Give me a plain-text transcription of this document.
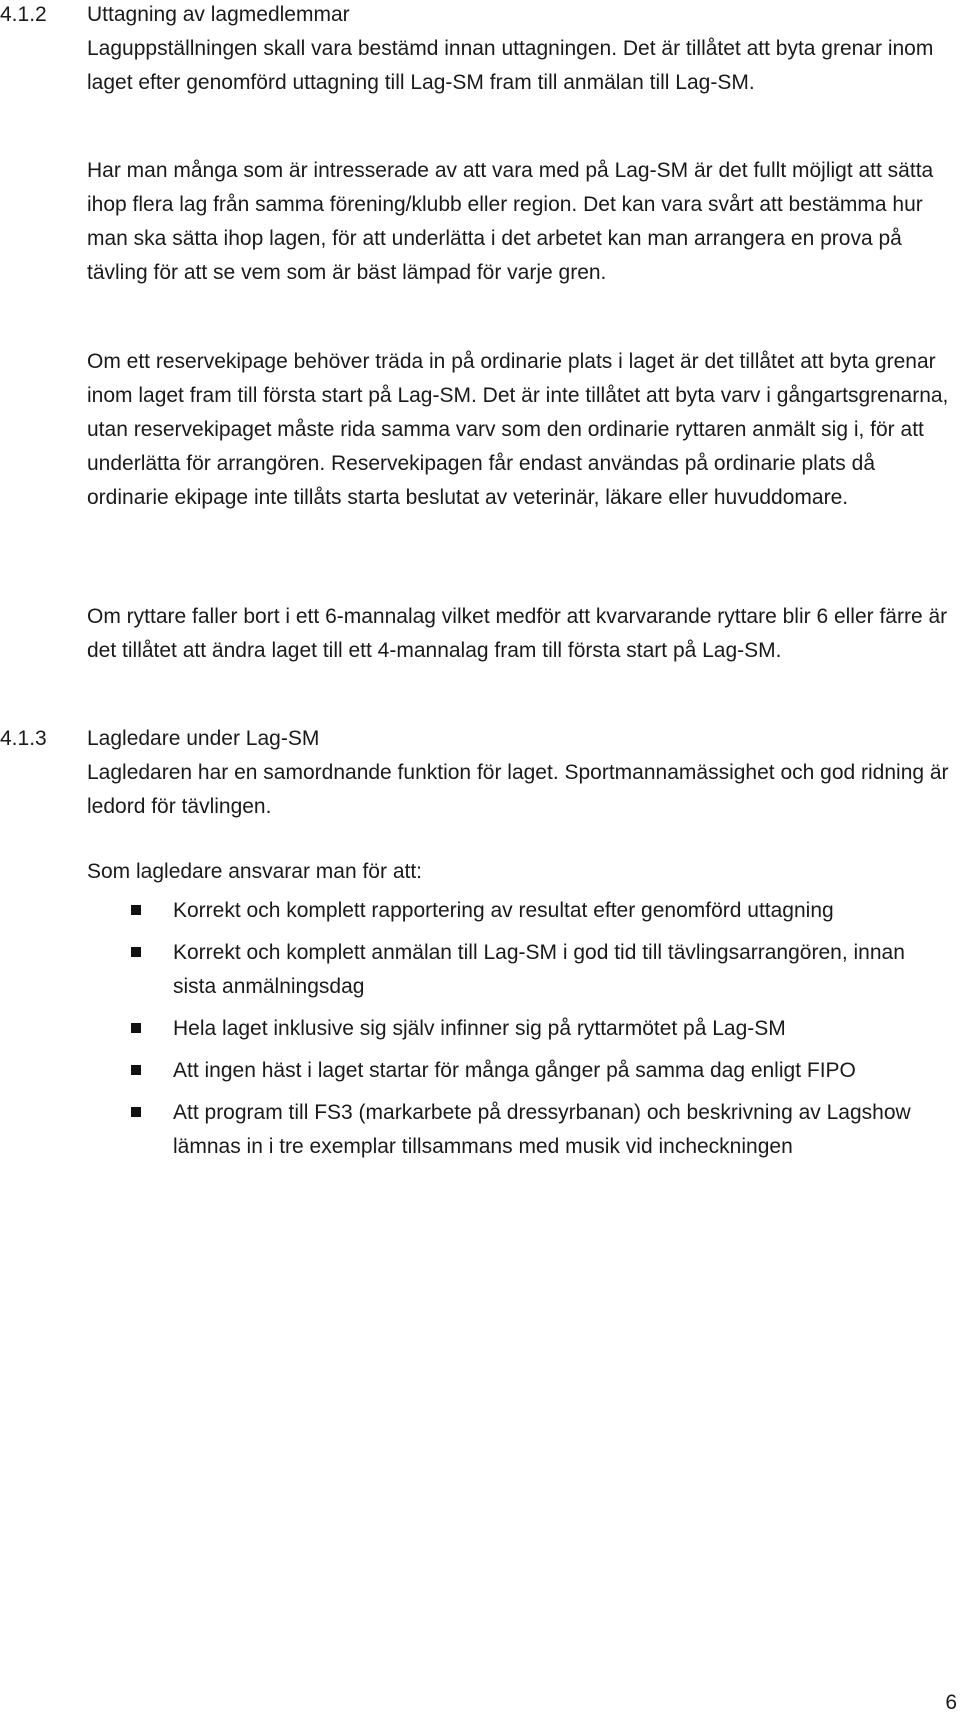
4.1.2 Uttagning av lagmedlemmar

Laguppställningen skall vara bestämd innan uttagningen. Det är tillåtet att byta grenar inom laget efter genomförd uttagning till Lag-SM fram till anmälan till Lag-SM.

Har man många som är intresserade av att vara med på Lag-SM är det fullt möjligt att sätta ihop flera lag från samma förening/klubb eller region. Det kan vara svårt att bestämma hur man ska sätta ihop lagen, för att underlätta i det arbetet kan man arrangera en prova på tävling för att se vem som är bäst lämpad för varje gren.

Om ett reservekipage behöver träda in på ordinarie plats i laget är det tillåtet att byta grenar inom laget fram till första start på Lag-SM. Det är inte tillåtet att byta varv i gångartsgrenarna, utan reservekipaget måste rida samma varv som den ordinarie ryttaren anmält sig i, för att underlätta för arrangören. Reservekipagen får endast användas på ordinarie plats då ordinarie ekipage inte tillåts starta beslutat av veterinär, läkare eller huvuddomare.

Om ryttare faller bort i ett 6-mannalag vilket medför att kvarvarande ryttare blir 6 eller färre är det tillåtet att ändra laget till ett 4-mannalag fram till första start på Lag-SM.

4.1.3 Lagledare under Lag-SM

Lagledaren har en samordnande funktion för laget. Sportmannamässighet och god ridning är ledord för tävlingen.

Som lagledare ansvarar man för att:

Korrekt och komplett rapportering av resultat efter genomförd uttagning
Korrekt och komplett anmälan till Lag-SM i god tid till tävlingsarrangören, innan sista anmälningsdag
Hela laget inklusive sig själv infinner sig på ryttarmötet på Lag-SM
Att ingen häst i laget startar för många gånger på samma dag enligt FIPO
Att program till FS3 (markarbete på dressyrbanan) och beskrivning av Lagshow lämnas in i tre exemplar tillsammans med musik vid incheckningen
6
